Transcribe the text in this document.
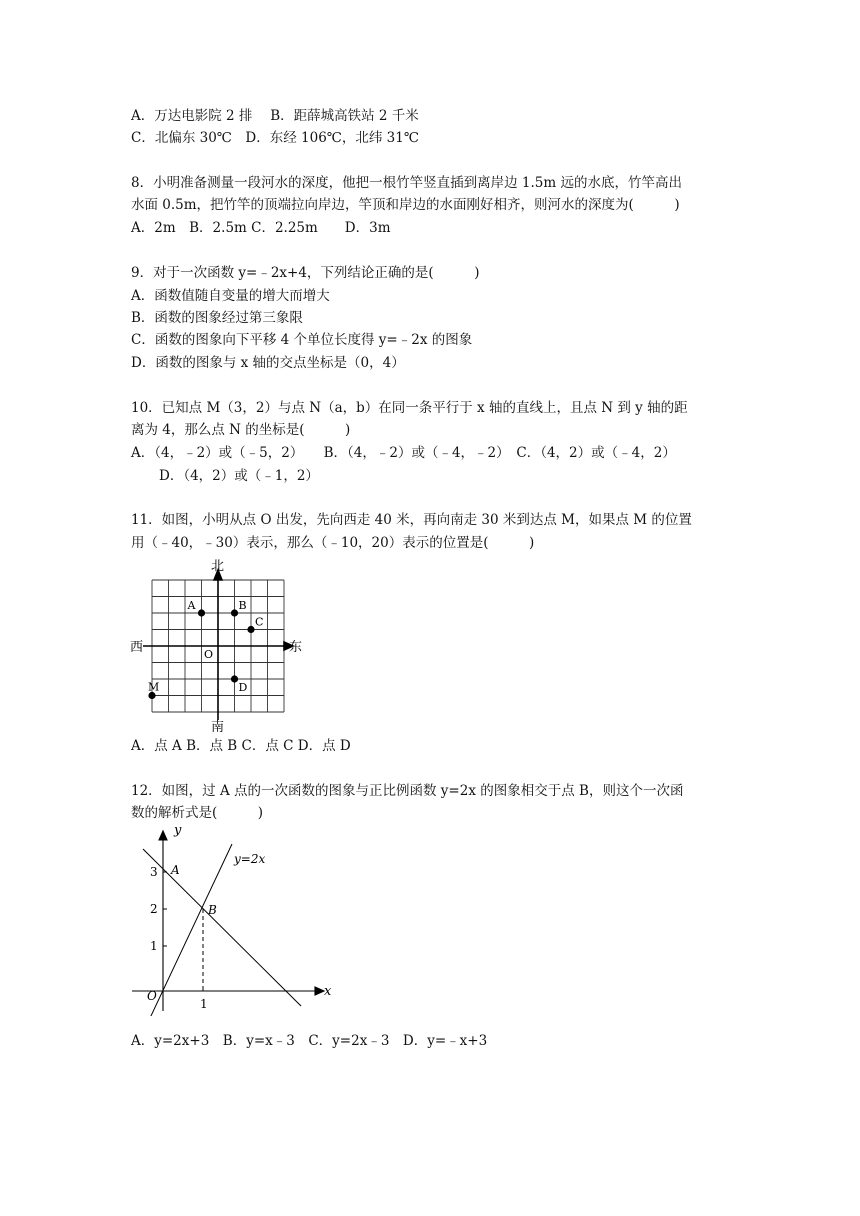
A．万达电影院 2 排　 B．距薛城高铁站 2 千米
C．北偏东 30℃　D．东经 106℃，北纬 31℃
8．小明准备测量一段河水的深度，他把一根竹竿竖直插到离岸边 1.5m 远的水底，竹竿高出
水面 0.5m，把竹竿的顶端拉向岸边，竿顶和岸边的水面刚好相齐，则河水的深度为(　　　)
A．2m　B．2.5m C．2.25m　　D．3m
9．对于一次函数 y=﹣2x+4，下列结论正确的是(　　　)
A．函数值随自变量的增大而增大
B．函数的图象经过第三象限
C．函数的图象向下平移 4 个单位长度得 y=﹣2x 的图象
D．函数的图象与 x 轴的交点坐标是（0，4）
10．已知点 M（3，2）与点 N（a，b）在同一条平行于 x 轴的直线上，且点 N 到 y 轴的距
离为 4，那么点 N 的坐标是(　　　)
A．（4，﹣2）或（﹣5，2）　　B．（4，﹣2）或（﹣4，﹣2）　C．（4，2）或（﹣4，2）
D．（4，2）或（﹣1，2）
11．如图，小明从点 O 出发，先向西走 40 米，再向南走 30 米到达点 M，如果点 M 的位置
用（﹣40，﹣30）表示，那么（﹣10，20）表示的位置是(　　　)
北
南
西	东
O
A	B
C
D
M
A．点 A B．点 B C．点 C D．点 D
12．如图，过 A 点的一次函数的图象与正比例函数 y=2x 的图象相交于点 B，则这个一次函
数的解析式是(　　　)
y
x
O
y=2x
A
B
1
2
3
1
A．y=2x+3　B．y=x﹣3　C．y=2x﹣3　D．y=﹣x+3
